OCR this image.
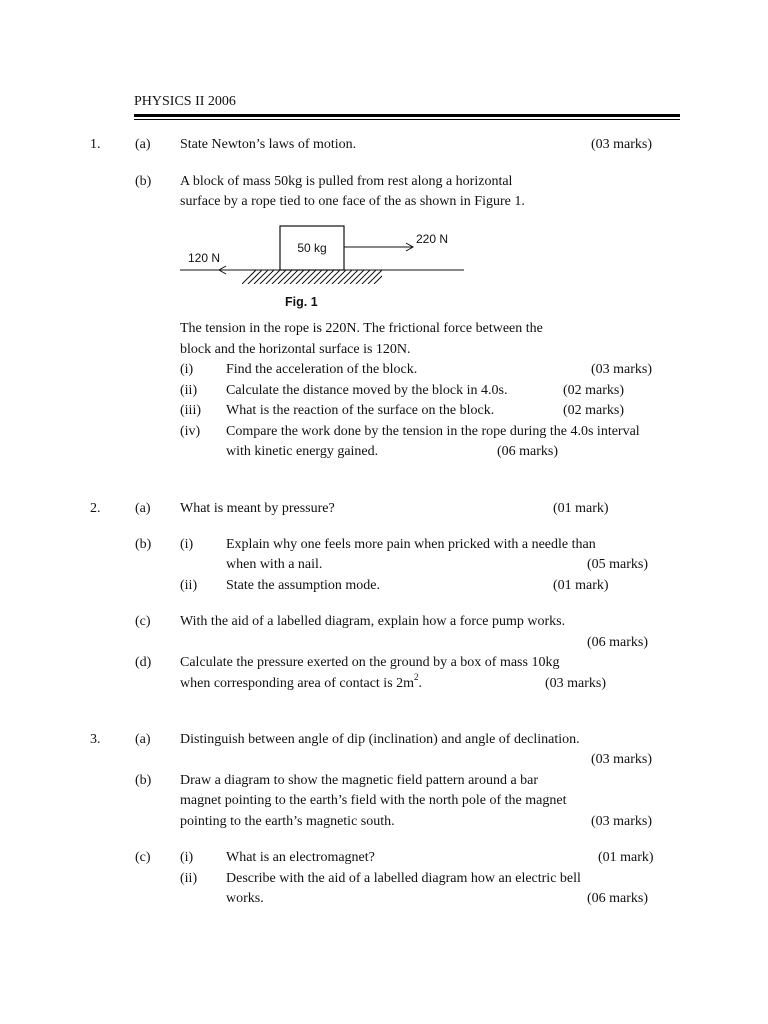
PHYSICS II 2006
1. (a) State Newton’s laws of motion.	(03 marks)
(b) A block of mass 50kg is pulled from rest along a horizontal
surface by a rope tied to one face of the as shown in Figure 1.
50 kg
220 N
120 N
Fig. 1
The tension in the rope is 220N. The frictional force between the
block and the horizontal surface is 120N.
(i) Find the acceleration of the block.	(03 marks)
(ii) Calculate the distance moved by the block in 4.0s.	(02 marks)
(iii) What is the reaction of the surface on the block.	(02 marks)
(iv) Compare the work done by the tension in the rope during the 4.0s interval
with kinetic energy gained.	(06 marks)
2. (a) What is meant by pressure?	(01 mark)
(b) (i) Explain why one feels more pain when pricked with a needle than
when with a nail.	(05 marks)
(ii) State the assumption mode.	(01 mark)
(c) With the aid of a labelled diagram, explain how a force pump works.
(06 marks)
(d) Calculate the pressure exerted on the ground by a box of mass 10kg
when corresponding area of contact is $2m^2$.	(03 marks)
3. (a) Distinguish between angle of dip (inclination) and angle of declination.
(03 marks)
(b) Draw a diagram to show the magnetic field pattern around a bar
magnet pointing to the earth’s field with the north pole of the magnet
pointing to the earth’s magnetic south.	(03 marks)
(c) (i) What is an electromagnet?	(01 mark)
(ii) Describe with the aid of a labelled diagram how an electric bell
works.	(06 marks)
